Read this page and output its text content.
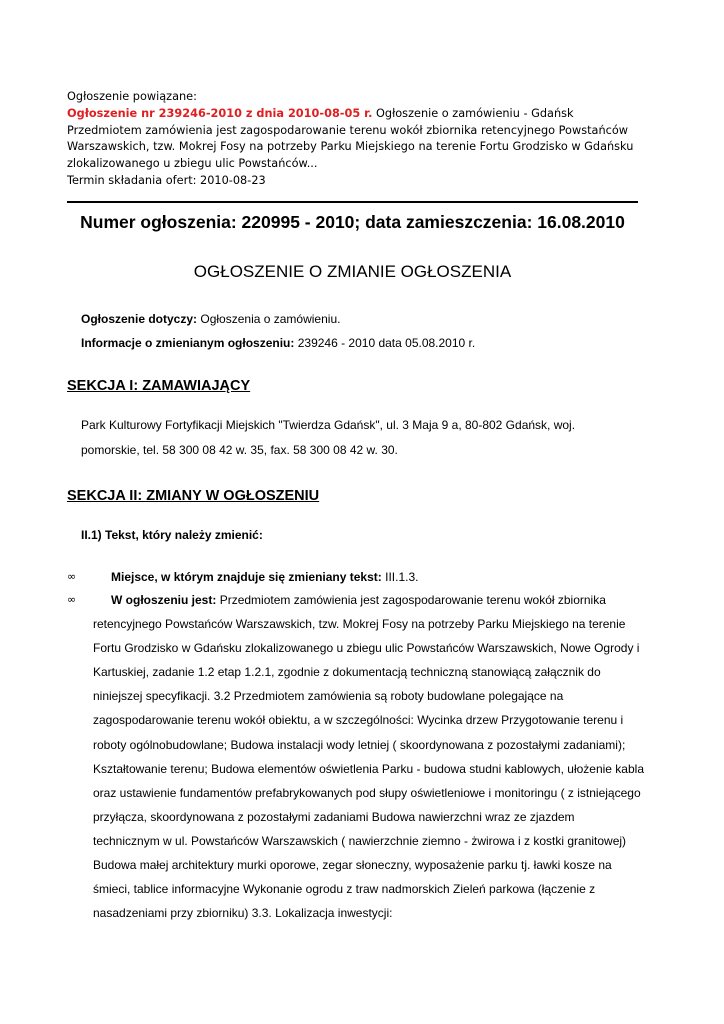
Ogłoszenie powiązane:
Ogłoszenie nr 239246-2010 z dnia 2010-08-05 r. Ogłoszenie o zamówieniu - Gdańsk Przedmiotem zamówienia jest zagospodarowanie terenu wokół zbiornika retencyjnego Powstańców Warszawskich, tzw. Mokrej Fosy na potrzeby Parku Miejskiego na terenie Fortu Grodzisko w Gdańsku zlokalizowanego u zbiegu ulic Powstańców...
Termin składania ofert: 2010-08-23
Numer ogłoszenia: 220995 - 2010; data zamieszczenia: 16.08.2010
OGŁOSZENIE O ZMIANIE OGŁOSZENIA
Ogłoszenie dotyczy: Ogłoszenia o zamówieniu.
Informacje o zmienianym ogłoszeniu: 239246 - 2010 data 05.08.2010 r.
SEKCJA I: ZAMAWIAJĄCY
Park Kulturowy Fortyfikacji Miejskich "Twierdza Gdańsk", ul. 3 Maja 9 a, 80-802 Gdańsk, woj. pomorskie, tel. 58 300 08 42 w. 35, fax. 58 300 08 42 w. 30.
SEKCJA II: ZMIANY W OGŁOSZENIU
II.1) Tekst, który należy zmienić:
∞	Miejsce, w którym znajduje się zmieniany tekst: III.1.3.
∞	W ogłoszeniu jest: Przedmiotem zamówienia jest zagospodarowanie terenu wokół zbiornika retencyjnego Powstańców Warszawskich, tzw. Mokrej Fosy na potrzeby Parku Miejskiego na terenie Fortu Grodzisko w Gdańsku zlokalizowanego u zbiegu ulic Powstańców Warszawskich, Nowe Ogrody i Kartuskiej, zadanie 1.2 etap 1.2.1, zgodnie z dokumentacją techniczną stanowiącą załącznik do niniejszej specyfikacji. 3.2 Przedmiotem zamówienia są roboty budowlane polegające na zagospodarowanie terenu wokół obiektu, a w szczególności: Wycinka drzew Przygotowanie terenu i roboty ogólnobudowlane; Budowa instalacji wody letniej ( skoordynowana z pozostałymi zadaniami); Kształtowanie terenu; Budowa elementów oświetlenia Parku - budowa studni kablowych, ułożenie kabla oraz ustawienie fundamentów prefabrykowanych pod słupy oświetleniowe i monitoringu ( z istniejącego przyłącza, skoordynowana z pozostałymi zadaniami Budowa nawierzchni wraz ze zjazdem technicznym w ul. Powstańców Warszawskich ( nawierzchnie ziemno - żwirowa i z kostki granitowej) Budowa małej architektury murki oporowe, zegar słoneczny, wyposażenie parku tj. ławki kosze na śmieci, tablice informacyjne Wykonanie ogrodu z traw nadmorskich Zieleń parkowa (łączenie z nasadzeniami przy zbiorniku) 3.3. Lokalizacja inwestycji:
